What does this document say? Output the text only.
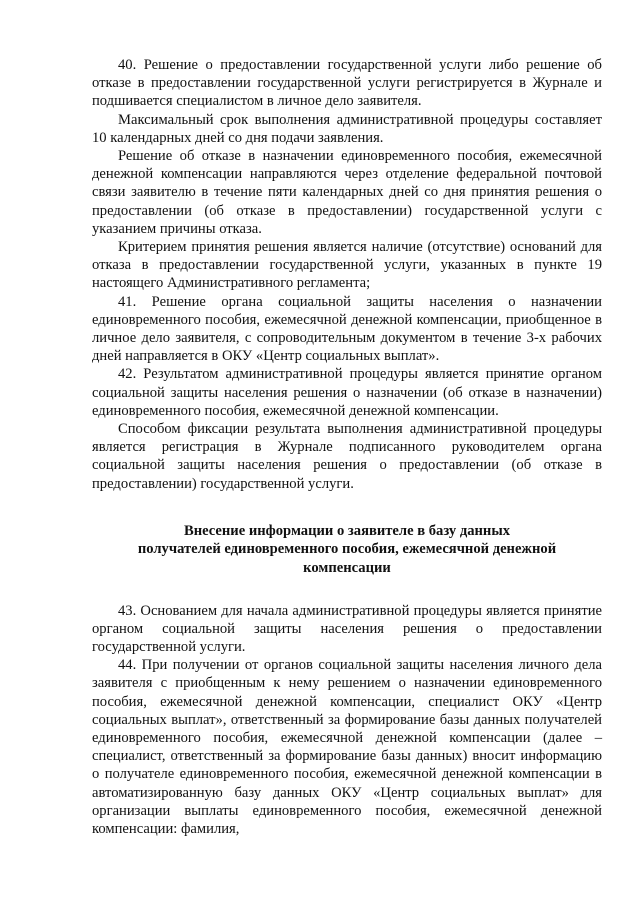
40. Решение о предоставлении государственной услуги либо решение об отказе в предоставлении государственной услуги регистрируется в Журнале и подшивается специалистом в личное дело заявителя.

Максимальный срок выполнения административной процедуры составляет 10 календарных дней со дня подачи заявления.

Решение об отказе в назначении единовременного пособия, ежемесячной денежной компенсации направляются через отделение федеральной почтовой связи заявителю в течение пяти календарных дней со дня принятия решения о предоставлении (об отказе в предоставлении) государственной услуги с указанием причины отказа.

Критерием принятия решения является наличие (отсутствие) оснований для отказа в предоставлении государственной услуги, указанных в пункте 19 настоящего Административного регламента;

41. Решение органа социальной защиты населения о назначении единовременного пособия, ежемесячной денежной компенсации, приобщенное в личное дело заявителя, с сопроводительным документом в течение 3-х рабочих дней направляется в ОКУ «Центр социальных выплат».

42. Результатом административной процедуры является принятие органом социальной защиты населения решения о назначении (об отказе в назначении) единовременного пособия, ежемесячной денежной компенсации.

Способом фиксации результата выполнения административной процедуры является регистрация в Журнале подписанного руководителем органа социальной защиты населения решения о предоставлении (об отказе в предоставлении) государственной услуги.

Внесение информации о заявителе в базу данных

получателей единовременного пособия, ежемесячной денежной

компенсации

43. Основанием для начала административной процедуры является принятие органом социальной защиты населения решения о предоставлении государственной услуги.

44. При получении от органов социальной защиты населения личного дела заявителя с приобщенным к нему решением о назначении единовременного пособия, ежемесячной денежной компенсации, специалист ОКУ «Центр социальных выплат», ответственный за формирование базы данных получателей единовременного пособия, ежемесячной денежной компенсации (далее – специалист, ответственный за формирование базы данных) вносит информацию о получателе единовременного пособия, ежемесячной денежной компенсации в автоматизированную базу данных ОКУ «Центр социальных выплат» для организации выплаты единовременного пособия, ежемесячной денежной компенсации: фамилия,
